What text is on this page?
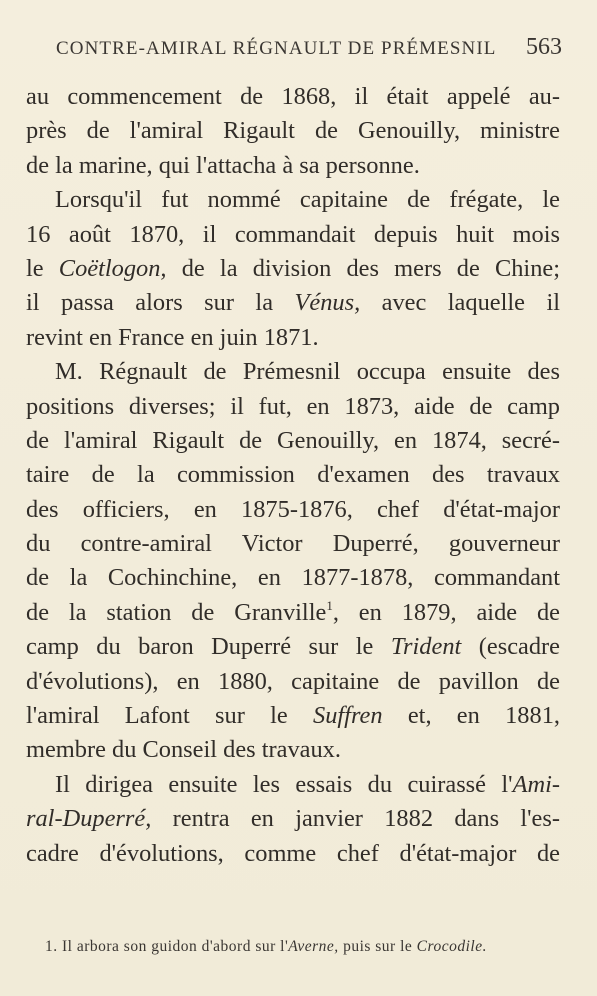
CONTRE-AMIRAL RÉGNAULT DE PRÉMESNIL 563
au commencement de 1868, il était appelé au-
près de l'amiral Rigault de Genouilly, ministre
de la marine, qui l'attacha à sa personne.
Lorsqu'il fut nommé capitaine de frégate, le
16 août 1870, il commandait depuis huit mois
le Coëtlogon, de la division des mers de Chine;
il passa alors sur la Vénus, avec laquelle il
revint en France en juin 1871.
M. Régnault de Prémesnil occupa ensuite des
positions diverses; il fut, en 1873, aide de camp
de l'amiral Rigault de Genouilly, en 1874, secré-
taire de la commission d'examen des travaux
des officiers, en 1875-1876, chef d'état-major
du contre-amiral Victor Duperré, gouverneur
de la Cochinchine, en 1877-1878, commandant
de la station de Granville$^1$, en 1879, aide de
camp du baron Duperré sur le Trident (escadre
d'évolutions), en 1880, capitaine de pavillon de
l'amiral Lafont sur le Suffren et, en 1881,
membre du Conseil des travaux.
Il dirigea ensuite les essais du cuirassé l'Ami-
ral-Duperré, rentra en janvier 1882 dans l'es-
cadre d'évolutions, comme chef d'état-major de
1. Il arbora son guidon d'abord sur l'Averne, puis sur le Crocodile.
